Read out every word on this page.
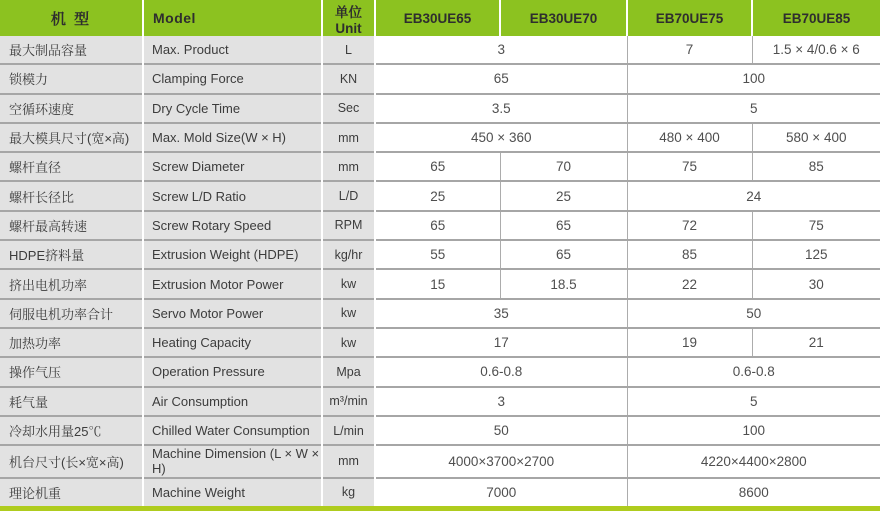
机 型	Model	单位Unit	EB30UE65	EB30UE70	EB70UE75	EB70UE85
最大制品容量	Max. Product	L	3		7	1.5 × 4/0.6 × 6
锁模力	Clamping Force	KN	65		100	
空循环速度	Dry Cycle Time	Sec	3.5		5	
最大模具尺寸(宽×高)	Max. Mold Size(W × H)	mm	450 × 360		480 × 400	580 × 400
螺杆直径	Screw Diameter	mm	65	70	75	85
螺杆长径比	Screw L/D Ratio	L/D	25	25	24	
螺杆最高转速	Screw Rotary Speed	RPM	65	65	72	75
HDPE挤料量	Extrusion Weight (HDPE)	kg/hr	55	65	85	125
挤出电机功率	Extrusion Motor Power	kw	15	18.5	22	30
伺服电机功率合计	Servo Motor Power	kw	35		50	
加热功率	Heating Capacity	kw	17		19	21
操作气压	Operation Pressure	Mpa	0.6-0.8		0.6-0.8	
耗气量	Air Consumption	m³/min	3		5	
冷却水用量25℃	Chilled Water Consumption	L/min	50		100	
机台尺寸(长×宽×高)	Machine Dimension (L × W × H)	mm	4000×3700×2700		4220×4400×2800	
理论机重	Machine Weight	kg	7000		8600	
